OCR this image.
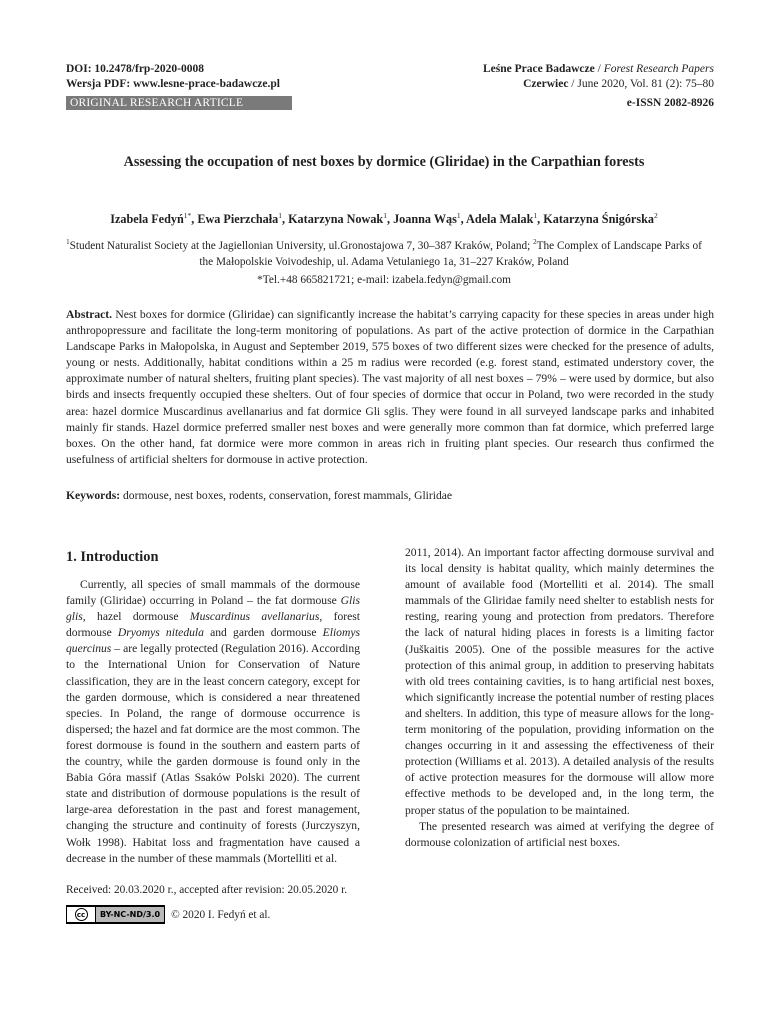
DOI: 10.2478/frp-2020-0008
Wersja PDF: www.lesne-prace-badawcze.pl
Leśne Prace Badawcze / Forest Research Papers
Czerwiec / June 2020, Vol. 81 (2): 75–80
ORIGINAL RESEARCH ARTICLE	e-ISSN 2082-8926
Assessing the occupation of nest boxes by dormice (Gliridae) in the Carpathian forests
Izabela Fedyń$^{1*}$, Ewa Pierzchała$^1$, Katarzyna Nowak$^1$, Joanna Wąs$^1$, Adela Malak$^1$, Katarzyna Śnigórska$^2$
$^1$Student Naturalist Society at the Jagiellonian University, ul.Gronostajowa 7, 30–387 Kraków, Poland; $^2$The Complex of Landscape Parks of the Małopolskie Voivodeship, ul. Adama Vetulaniego 1a, 31–227 Kraków, Poland
*Tel.+48 665821721; e-mail: izabela.fedyn@gmail.com
Abstract. Nest boxes for dormice (Gliridae) can significantly increase the habitat’s carrying capacity for these species in areas under high anthropopressure and facilitate the long-term monitoring of populations. As part of the active protection of dormice in the Carpathian Landscape Parks in Małopolska, in August and September 2019, 575 boxes of two different sizes were checked for the presence of adults, young or nests. Additionally, habitat conditions within a 25 m radius were recorded (e.g. forest stand, estimated understory cover, the approximate number of natural shelters, fruiting plant species). The vast majority of all nest boxes – 79% – were used by dormice, but also birds and insects frequently occupied these shelters. Out of four species of dormice that occur in Poland, two were recorded in the study area: hazel dormice Muscardinus avellanarius and fat dormice Gli sglis. They were found in all surveyed landscape parks and inhabited mainly fir stands. Hazel dormice preferred smaller nest boxes and were generally more common than fat dormice, which preferred large boxes. On the other hand, fat dormice were more common in areas rich in fruiting plant species. Our research thus confirmed the usefulness of artificial shelters for dormouse in active protection.
Keywords: dormouse, nest boxes, rodents, conservation, forest mammals, Gliridae
1. Introduction

Currently, all species of small mammals of the dormouse family (Gliridae) occurring in Poland – the fat dormouse Glis glis, hazel dormouse Muscardinus avellanarius, forest dormouse Dryomys nitedula and garden dormouse Eliomys quercinus – are legally protected (Regulation 2016). According to the International Union for Conservation of Nature classification, they are in the least concern category, except for the garden dormouse, which is considered a near threatened species. In Poland, the range of dormouse occurrence is dispersed; the hazel and fat dormice are the most common. The forest dormouse is found in the southern and eastern parts of the country, while the garden dormouse is found only in the Babia Góra massif (Atlas Ssaków Polski 2020). The current state and distribution of dormouse populations is the result of large-area deforestation in the past and forest management, changing the structure and continuity of forests (Jurczyszyn, Wołk 1998). Habitat loss and fragmentation have caused a decrease in the number of these mammals (Mortelliti et al.

2011, 2014). An important factor affecting dormouse survival and its local density is habitat quality, which mainly determines the amount of available food (Mortelliti et al. 2014). The small mammals of the Gliridae family need shelter to establish nests for resting, rearing young and protection from predators. Therefore the lack of natural hiding places in forests is a limiting factor (Juškaitis 2005). One of the possible measures for the active protection of this animal group, in addition to preserving habitats with old trees containing cavities, is to hang artificial nest boxes, which significantly increase the potential number of resting places and shelters. In addition, this type of measure allows for the long-term monitoring of the population, providing information on the changes occurring in it and assessing the effectiveness of their protection (Williams et al. 2013). A detailed analysis of the results of active protection measures for the dormouse will allow more effective methods to be developed and, in the long term, the proper status of the population to be maintained.

The presented research was aimed at verifying the degree of dormouse colonization of artificial nest boxes.

Received: 20.03.2020 r., accepted after revision: 20.05.2020 r.
cc	BY-NC-ND/3.0 © 2020 I. Fedyń et al.
